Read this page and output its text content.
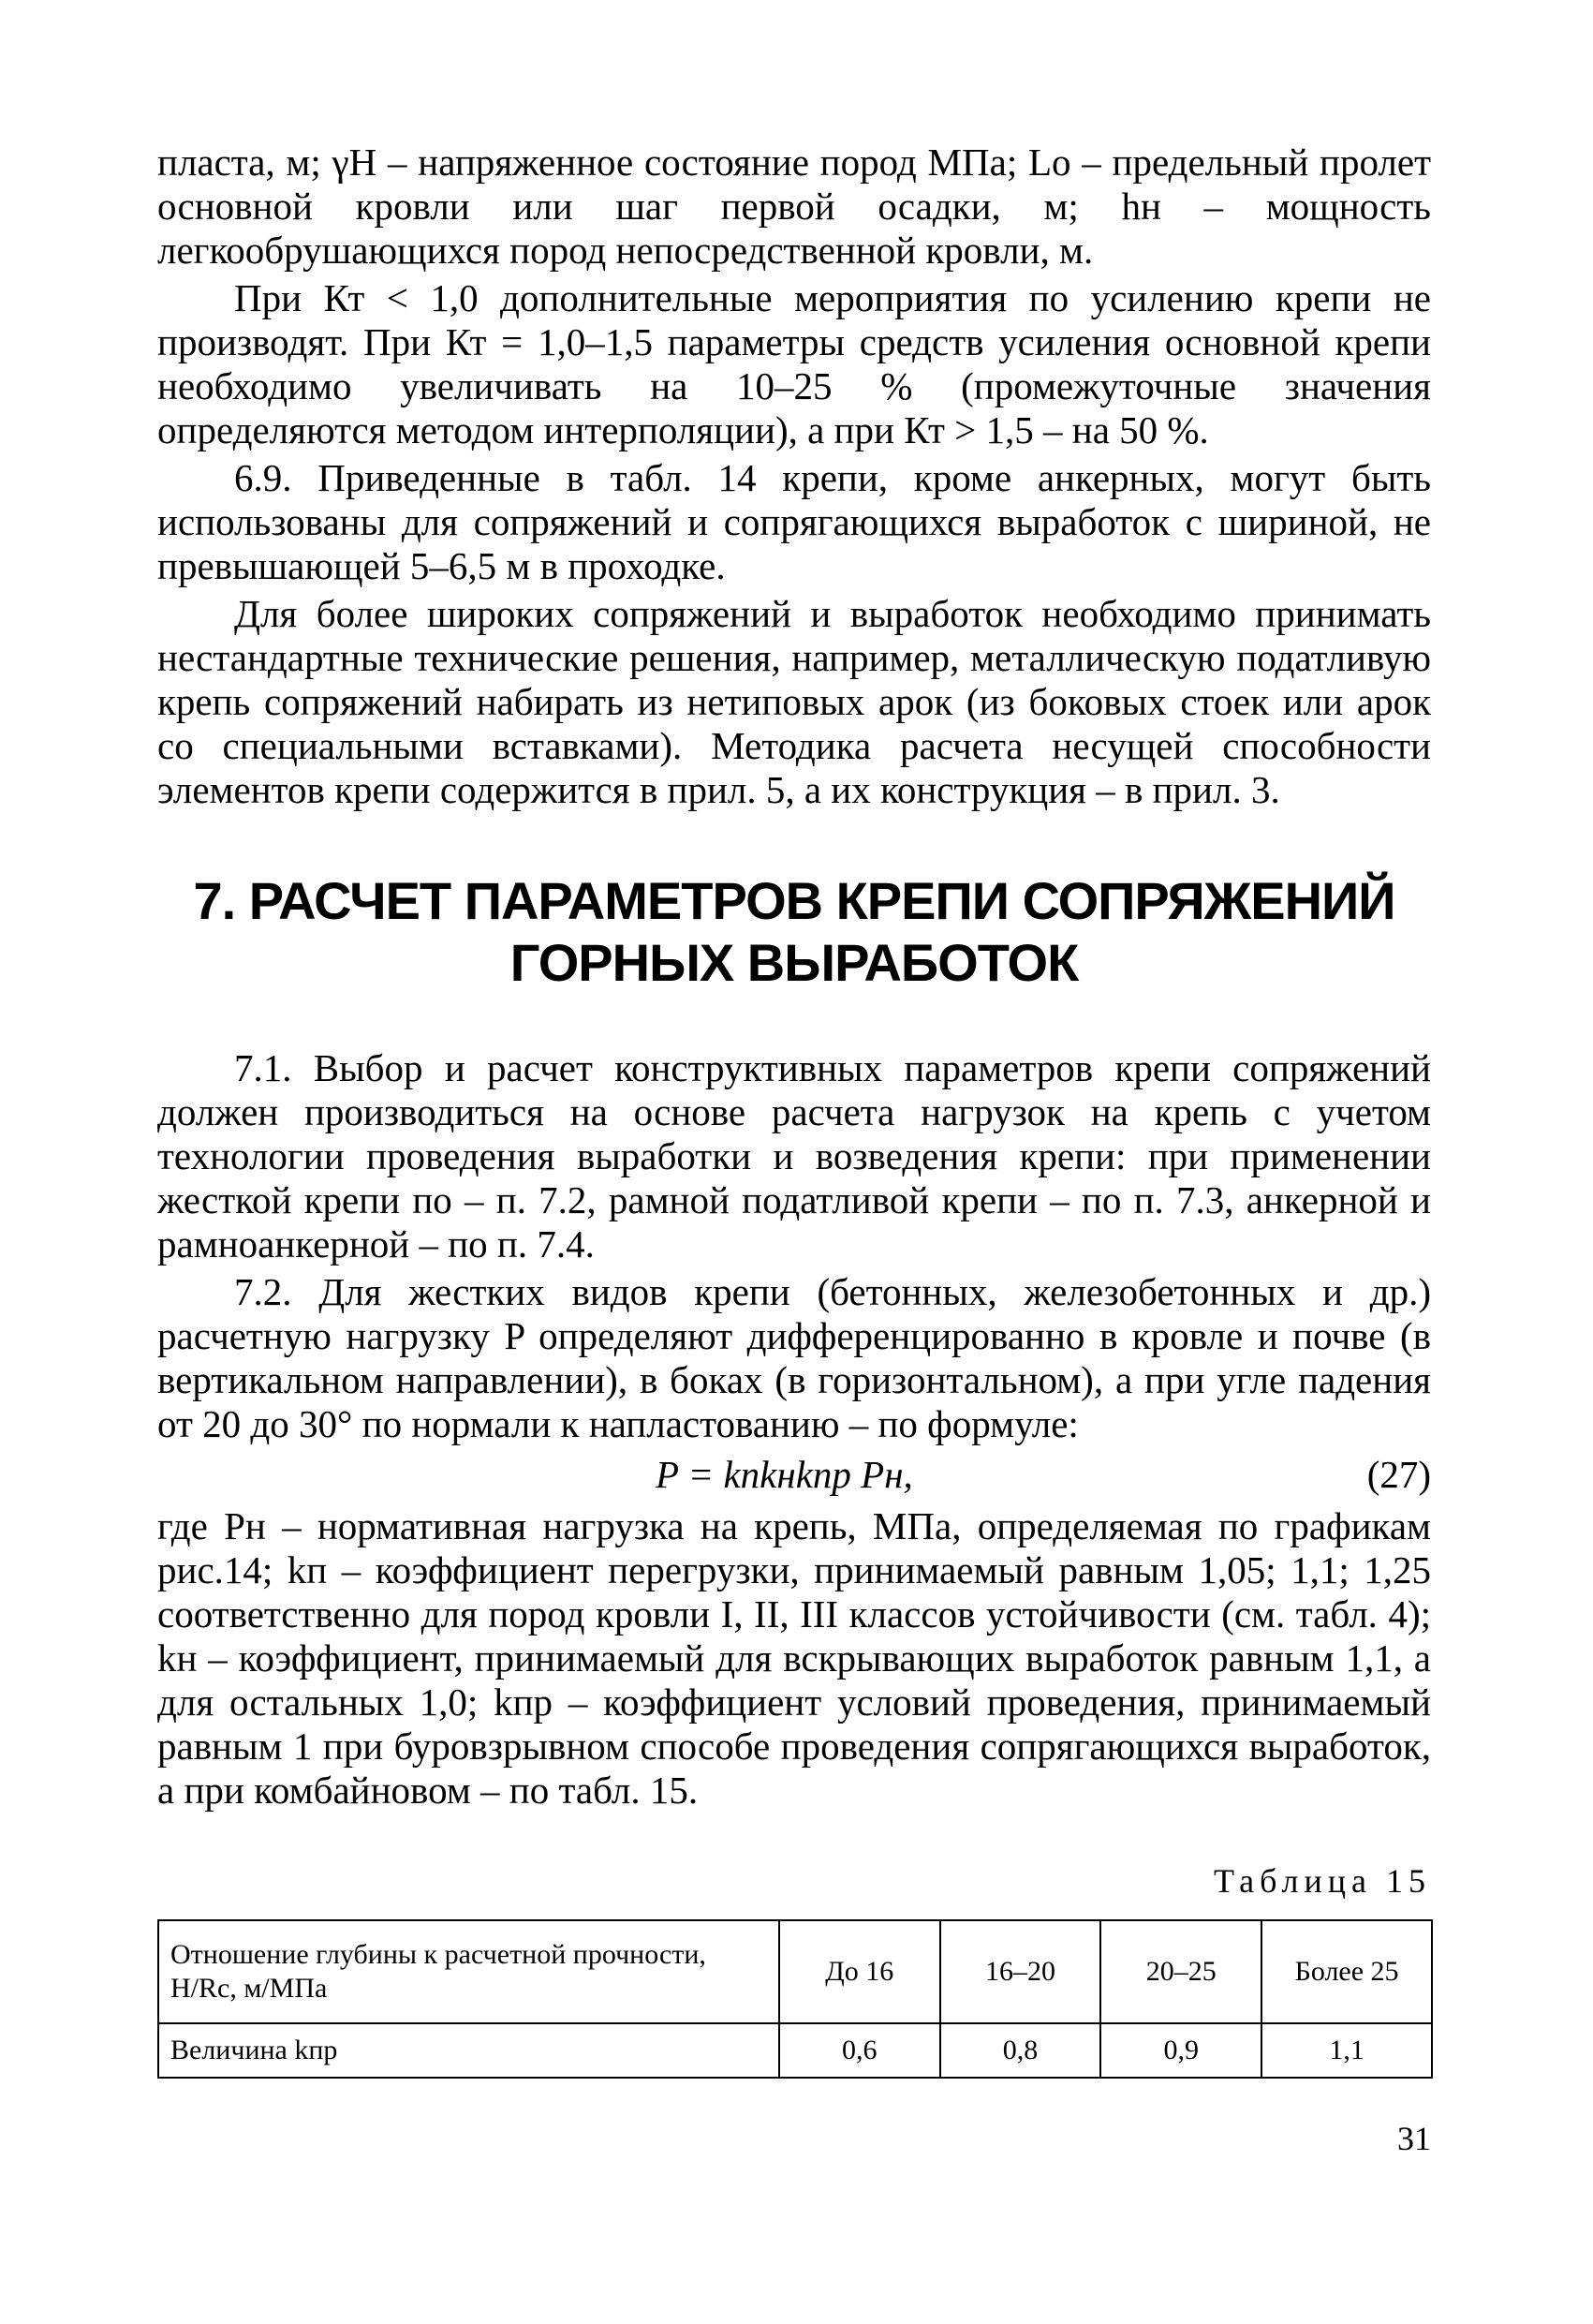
пласта, м; γH – напряженное состояние пород МПа; Lо – предельный пролет основной кровли или шаг первой осадки, м; hн – мощность легкообрушающихся пород непосредственной кровли, м.

При Кт < 1,0 дополнительные мероприятия по усилению крепи не производят. При Кт = 1,0–1,5 параметры средств усиления основной крепи необходимо увеличивать на 10–25 % (промежуточные значения определяются методом интерполяции), а при Кт > 1,5 – на 50 %.

6.9. Приведенные в табл. 14 крепи, кроме анкерных, могут быть использованы для сопряжений и сопрягающихся выработок с шириной, не превышающей 5–6,5 м в проходке.

Для более широких сопряжений и выработок необходимо принимать нестандартные технические решения, например, металлическую податливую крепь сопряжений набирать из нетиповых арок (из боковых стоек или арок со специальными вставками). Методика расчета несущей способности элементов крепи содержится в прил. 5, а их конструкция – в прил. 3.

7. РАСЧЕТ ПАРАМЕТРОВ КРЕПИ СОПРЯЖЕНИЙ
ГОРНЫХ ВЫРАБОТОК

7.1. Выбор и расчет конструктивных параметров крепи сопряжений должен производиться на основе расчета нагрузок на крепь с учетом технологии проведения выработки и возведения крепи: при применении жесткой крепи по – п. 7.2, рамной податливой крепи – по п. 7.3, анкерной и рамноанкерной – по п. 7.4.

7.2. Для жестких видов крепи (бетонных, железобетонных и др.) расчетную нагрузку P определяют дифференцированно в кровле и почве (в вертикальном направлении), в боках (в горизонтальном), а при угле падения от 20 до 30° по нормали к напластованию – по формуле:

P = kпkнkпр Pн,	(27)

где Pн – нормативная нагрузка на крепь, МПа, определяемая по графикам рис.14; kп – коэффициент перегрузки, принимаемый равным 1,05; 1,1; 1,25 соответственно для пород кровли I, II, III классов устойчивости (см. табл. 4); kн – коэффициент, принимаемый для вскрывающих выработок равным 1,1, а для остальных 1,0; kпр – коэффициент условий проведения, принимаемый равным 1 при буровзрывном способе проведения сопрягающихся выработок, а при комбайновом – по табл. 15.

Таблица 15
Отношение глубины к расчетной прочности, H/Rс, м/МПа	До 16	16–20	20–25	Более 25
Величина kпр	0,6	0,8	0,9	1,1
31
